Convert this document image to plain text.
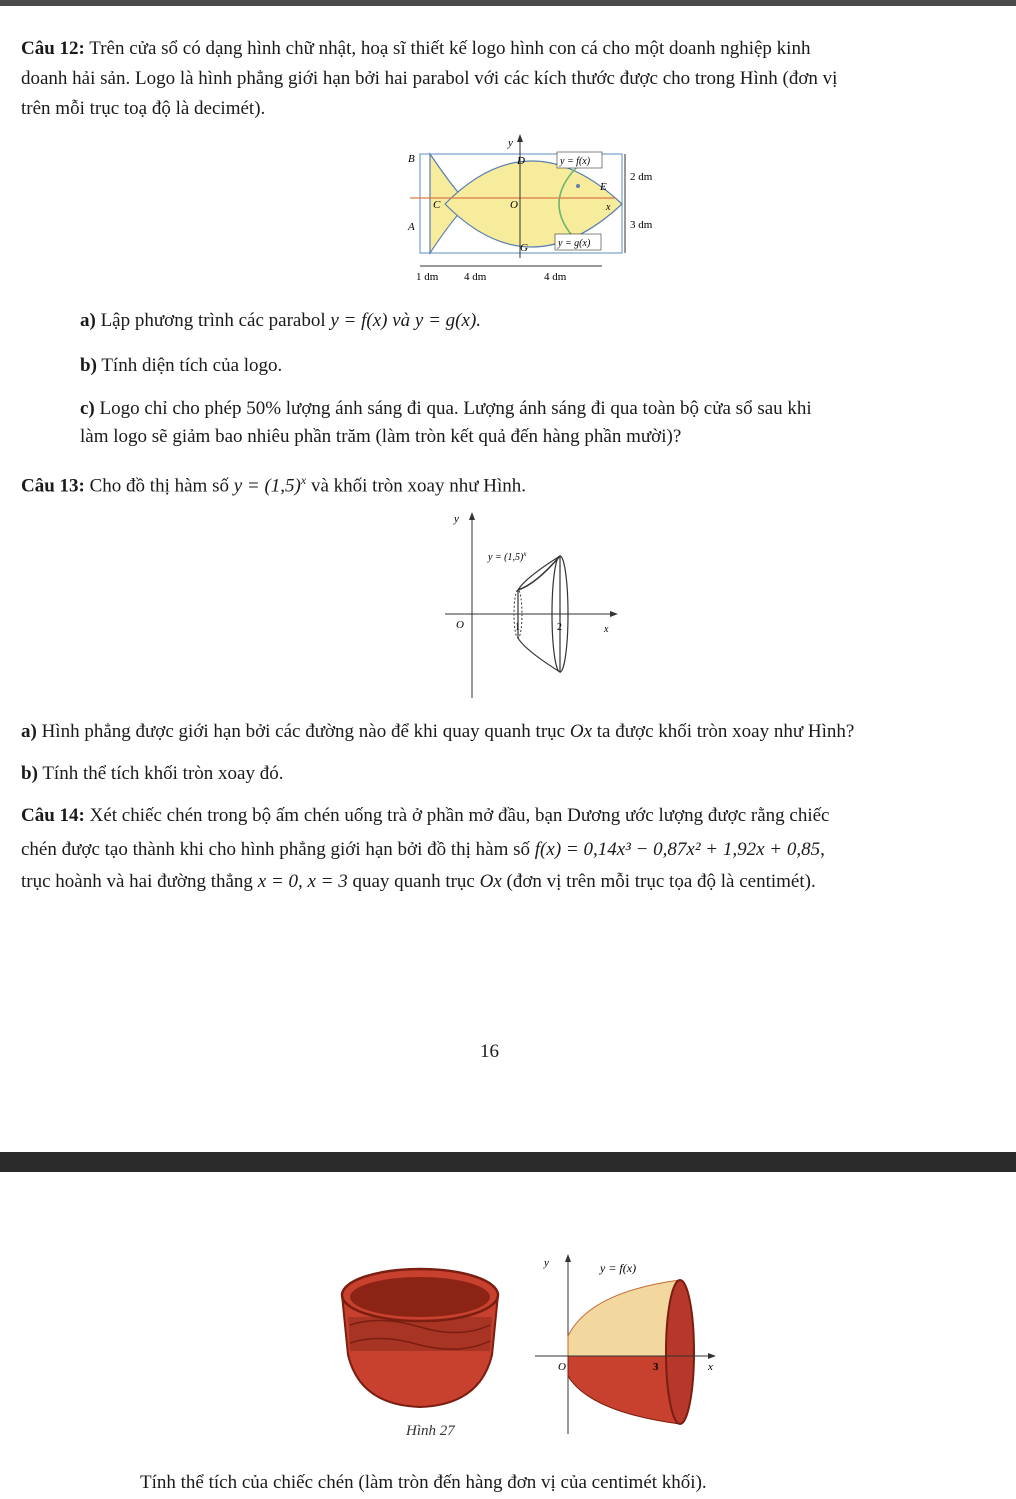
Câu 12: Trên cửa sổ có dạng hình chữ nhật, hoạ sĩ thiết kế logo hình con cá cho một doanh nghiệp kinh
doanh hải sản. Logo là hình phẳng giới hạn bởi hai parabol với các kích thước được cho trong Hình (đơn vị
trên mỗi trục toạ độ là decimét).
y
B	D
C	O
E
x
A
G
y = f(x)
y = g(x)
2 dm
3 dm
1 dm 4 dm	4 dm
a) Lập phương trình các parabol y = f(x) và y = g(x).
b) Tính diện tích của logo.
c) Logo chỉ cho phép 50% lượng ánh sáng đi qua. Lượng ánh sáng đi qua toàn bộ cửa sổ sau khi
làm logo sẽ giảm bao nhiêu phần trăm (làm tròn kết quả đến hàng phần mười)?
Câu 13: Cho đồ thị hàm số $y = (1,5)^x$ và khối tròn xoay như Hình.
y
$y = (1,5)^x$
O	1	2	x
a) Hình phẳng được giới hạn bởi các đường nào để khi quay quanh trục Ox ta được khối tròn xoay như Hình?
b) Tính thể tích khối tròn xoay đó.
Câu 14: Xét chiếc chén trong bộ ấm chén uống trà ở phần mở đầu, bạn Dương ước lượng được rằng chiếc
chén được tạo thành khi cho hình phẳng giới hạn bởi đồ thị hàm số f(x) = 0,14x³ − 0,87x² + 1,92x + 0,85,
trục hoành và hai đường thẳng x = 0, x = 3 quay quanh trục Ox (đơn vị trên mỗi trục tọa độ là centimét).
16
Hình 27
y	y = f(x)
O	3	x
Tính thể tích của chiếc chén (làm tròn đến hàng đơn vị của centimét khối).
